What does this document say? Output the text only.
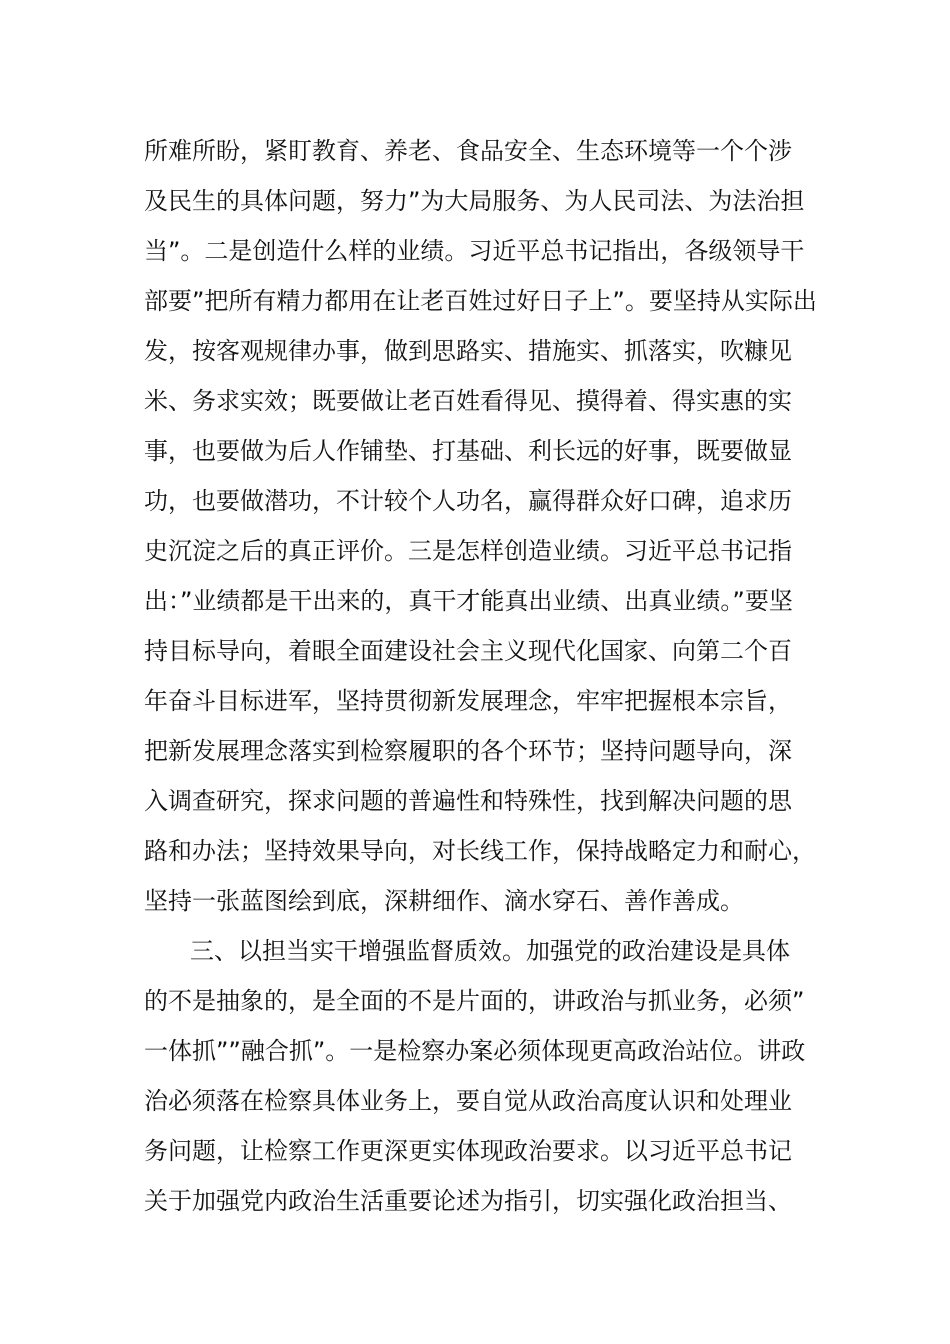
所难所盼，紧盯教育、养老、食品安全、生态环境等一个个涉
及民生的具体问题，努力”为大局服务、为人民司法、为法治担
当”。二是创造什么样的业绩。习近平总书记指出，各级领导干
部要”把所有精力都用在让老百姓过好日子上”。要坚持从实际出
发，按客观规律办事，做到思路实、措施实、抓落实，吹糠见
米、务求实效；既要做让老百姓看得见、摸得着、得实惠的实
事，也要做为后人作铺垫、打基础、利长远的好事，既要做显
功，也要做潜功，不计较个人功名，赢得群众好口碑，追求历
史沉淀之后的真正评价。三是怎样创造业绩。习近平总书记指
出：”业绩都是干出来的，真干才能真出业绩、出真业绩。”要坚
持目标导向，着眼全面建设社会主义现代化国家、向第二个百
年奋斗目标进军，坚持贯彻新发展理念，牢牢把握根本宗旨，
把新发展理念落实到检察履职的各个环节；坚持问题导向，深
入调查研究，探求问题的普遍性和特殊性，找到解决问题的思
路和办法；坚持效果导向，对长线工作，保持战略定力和耐心，
坚持一张蓝图绘到底，深耕细作、滴水穿石、善作善成。
三、以担当实干增强监督质效。加强党的政治建设是具体
的不是抽象的，是全面的不是片面的，讲政治与抓业务，必须”
一体抓””融合抓”。一是检察办案必须体现更高政治站位。讲政
治必须落在检察具体业务上，要自觉从政治高度认识和处理业
务问题，让检察工作更深更实体现政治要求。以习近平总书记
关于加强党内政治生活重要论述为指引，切实强化政治担当、
